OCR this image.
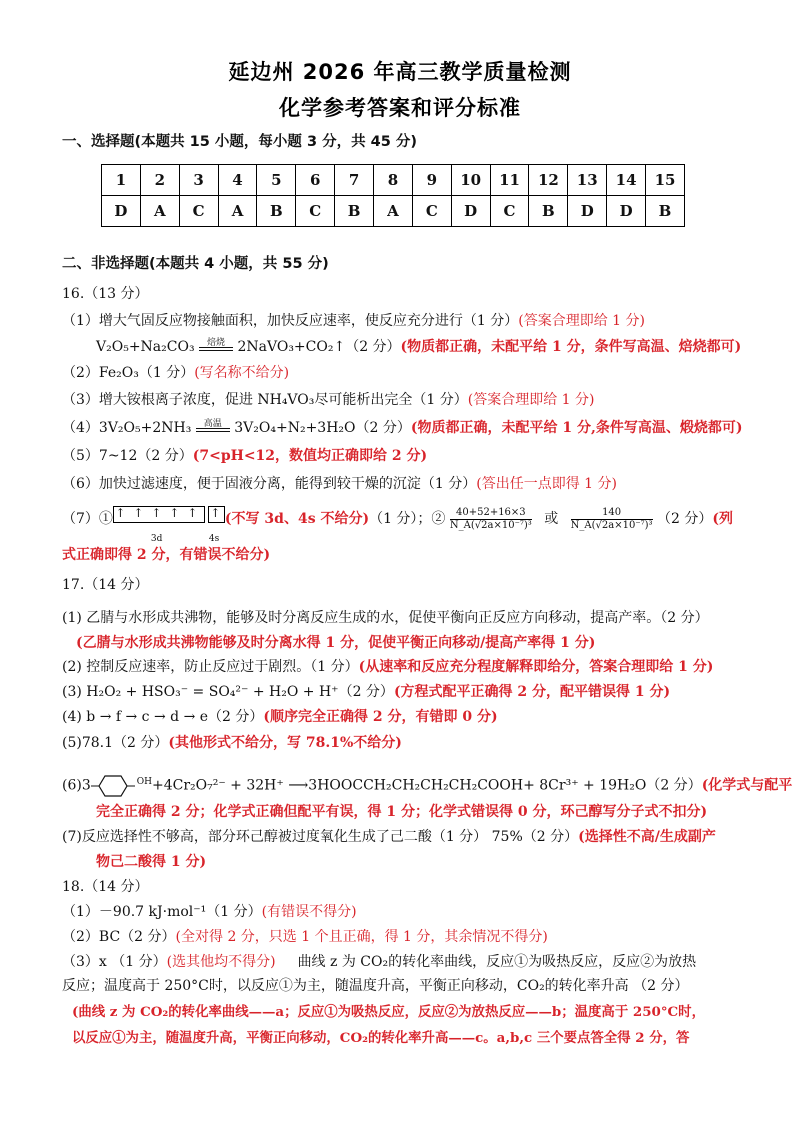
延边州 2026 年高三教学质量检测
化学参考答案和评分标准
一、选择题(本题共 15 小题，每小题 3 分，共 45 分)
1	2	3	4	5	6	7	8	9	10	11	12	13	14	15
D	A	C	A	B	C	B	A	C	D	C	B	D	D	B
二、非选择题(本题共 4 小题，共 55 分)
16.（13 分）
（1）增大气固反应物接触面积，加快反应速率，使反应充分进行（1 分）(答案合理即给 1 分)
V₂O₅+Na₂CO₃	焙烧 2NaVO₃+CO₂↑（2 分）(物质都正确，未配平给 1 分，条件写高温、焙烧都可)
（2）Fe₂O₃（1 分）(写名称不给分)
（3）增大铵根离子浓度，促进 NH₄VO₃尽可能析出完全（1 分）(答案合理即给 1 分)
（4）3V₂O₅+2NH₃	高温 3V₂O₄+N₂+3H₂O（2 分）(物质都正确，未配平给 1 分,条件写高温、煅烧都可)
（5）7~12（2 分）(7<pH<12，数值均正确即给 2 分)
（6）加快过滤速度，便于固液分离，能得到较干燥的沉淀（1 分）(答出任一点即得 1 分)
（7）① ↑ ↑ ↑ ↑ ↑ ↑
3d	4s
(不写 3d、4s 不给分)（1 分）；② $\frac{40+52+16\times 3}{\text{N\_A(√2a×10⁻⁷)³}}$ 或 $\frac{140}{\text{N\_A(√2a×10⁻⁷)³}} (2$ 分）(列
式正确即得 2 分，有错误不给分)
17.（14 分）
(1) 乙腈与水形成共沸物，能够及时分离反应生成的水，促使平衡向正反应方向移动，提高产率。（2 分）
(乙腈与水形成共沸物能够及时分离水得 1 分，促使平衡正向移动/提高产率得 1 分)
(2) 控制反应速率，防止反应过于剧烈。（1 分）(从速率和反应充分程度解释即给分，答案合理即给 1 分)
(3) H₂O₂ + HSO₃⁻ = SO₄²⁻ + H₂O + H⁺（2 分）(方程式配平正确得 2 分，配平错误得 1 分)
(4) b → f → c → d → e（2 分）(顺序完全正确得 2 分，有错即 0 分)
(5)78.1（2 分）(其他形式不给分，写 78.1%不给分)
(6)3	$^{OH}$+4Cr₂O₇²⁻ + 32H⁺ ⟶3HOOCCH₂CH₂CH₂CH₂COOH+ 8Cr³⁺ + 19H₂O（2 分）(化学式与配平
完全正确得 2 分；化学式正确但配平有误，得 1 分；化学式错误得 0 分，环己醇写分子式不扣分)
(7)反应选择性不够高，部分环己醇被过度氧化生成了己二酸（1 分） 75%（2 分）(选择性不高/生成副产
物己二酸得 1 分)
18.（14 分）
（1）－90.7 kJ·mol⁻¹（1 分）(有错误不得分)
（2）BC（2 分）(全对得 2 分，只选 1 个且正确，得 1 分，其余情况不得分)
（3）x （1 分）(选其他均不得分) 曲线 z 为 CO₂的转化率曲线，反应①为吸热反应，反应②为放热
反应；温度高于 250°C时，以反应①为主，随温度升高，平衡正向移动，CO₂的转化率升高 （2 分）
(曲线 z 为 CO₂的转化率曲线——a；反应①为吸热反应，反应②为放热反应——b；温度高于 250°C时，
以反应①为主，随温度升高，平衡正向移动，CO₂的转化率升高——c。a,b,c 三个要点答全得 2 分，答
